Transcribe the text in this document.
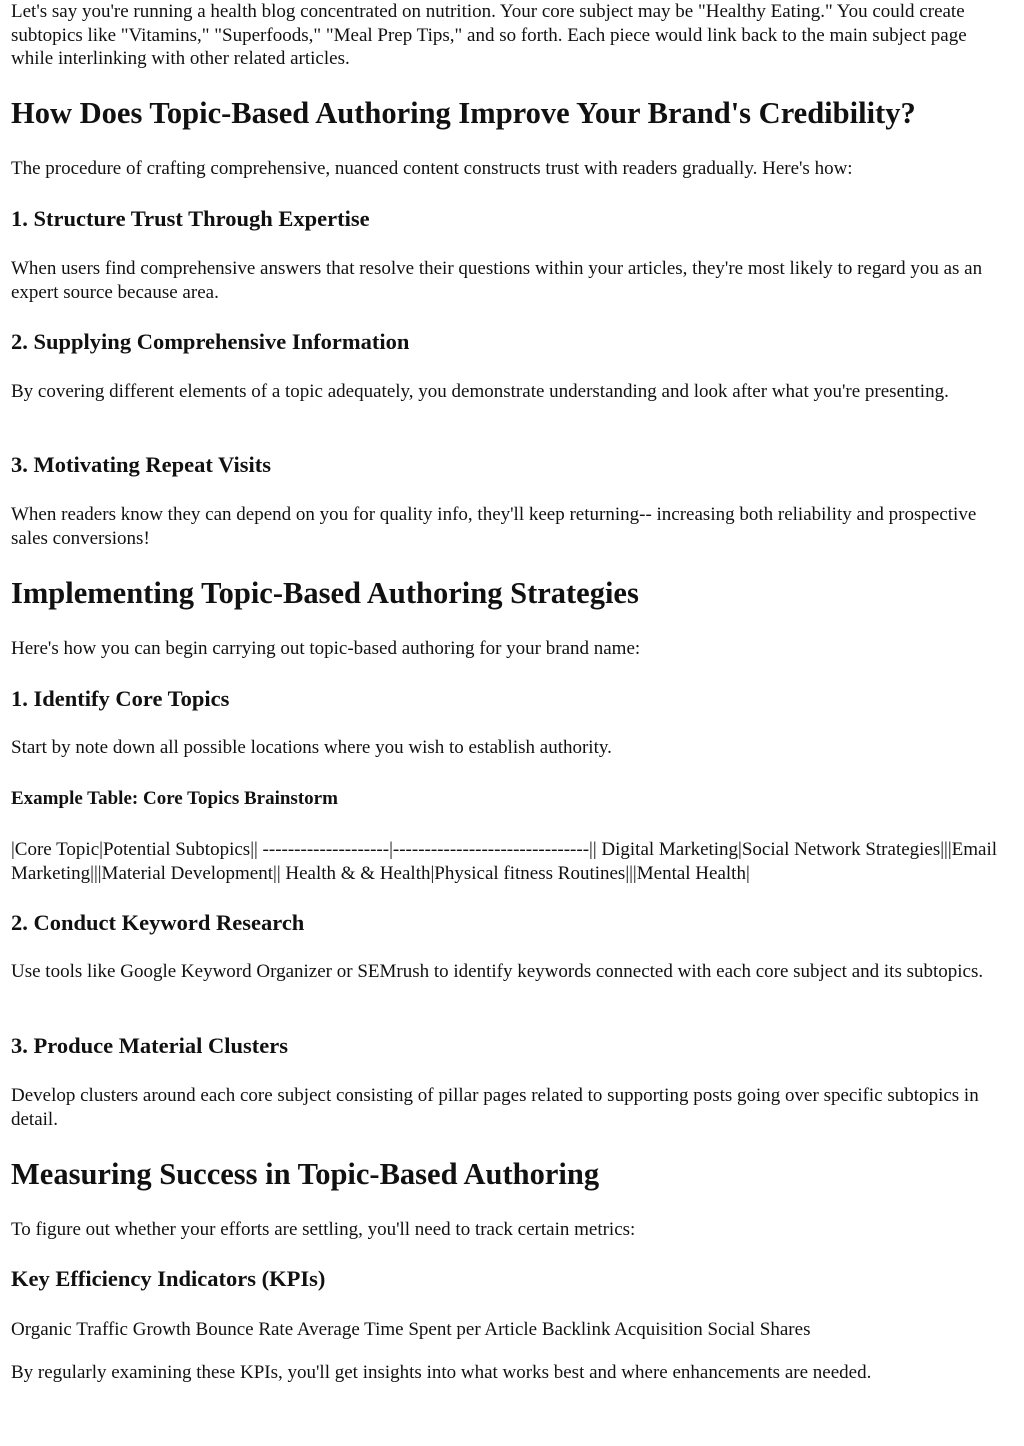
Let's say you're running a health blog concentrated on nutrition. Your core subject may be "Healthy Eating." You could create subtopics like "Vitamins," "Superfoods," "Meal Prep Tips," and so forth. Each piece would link back to the main subject page while interlinking with other related articles.

How Does Topic-Based Authoring Improve Your Brand's Credibility?

The procedure of crafting comprehensive, nuanced content constructs trust with readers gradually. Here's how:

1. Structure Trust Through Expertise

When users find comprehensive answers that resolve their questions within your articles, they're most likely to regard you as an expert source because area.

2. Supplying Comprehensive Information

By covering different elements of a topic adequately, you demonstrate understanding and look after what you're presenting.

3. Motivating Repeat Visits

When readers know they can depend on you for quality info, they'll keep returning-- increasing both reliability and prospective sales conversions!

Implementing Topic-Based Authoring Strategies

Here's how you can begin carrying out topic-based authoring for your brand name:

1. Identify Core Topics

Start by note down all possible locations where you wish to establish authority.

Example Table: Core Topics Brainstorm

|Core Topic|Potential Subtopics|| --------------------|-------------------------------|| Digital Marketing|Social Network Strategies|||Email Marketing|||Material Development|| Health & & Health|Physical fitness Routines|||Mental Health|

2. Conduct Keyword Research

Use tools like Google Keyword Organizer or SEMrush to identify keywords connected with each core subject and its subtopics.

3. Produce Material Clusters

Develop clusters around each core subject consisting of pillar pages related to supporting posts going over specific subtopics in detail.

Measuring Success in Topic-Based Authoring

To figure out whether your efforts are settling, you'll need to track certain metrics:

Key Efficiency Indicators (KPIs)

Organic Traffic Growth Bounce Rate Average Time Spent per Article Backlink Acquisition Social Shares

By regularly examining these KPIs, you'll get insights into what works best and where enhancements are needed.
